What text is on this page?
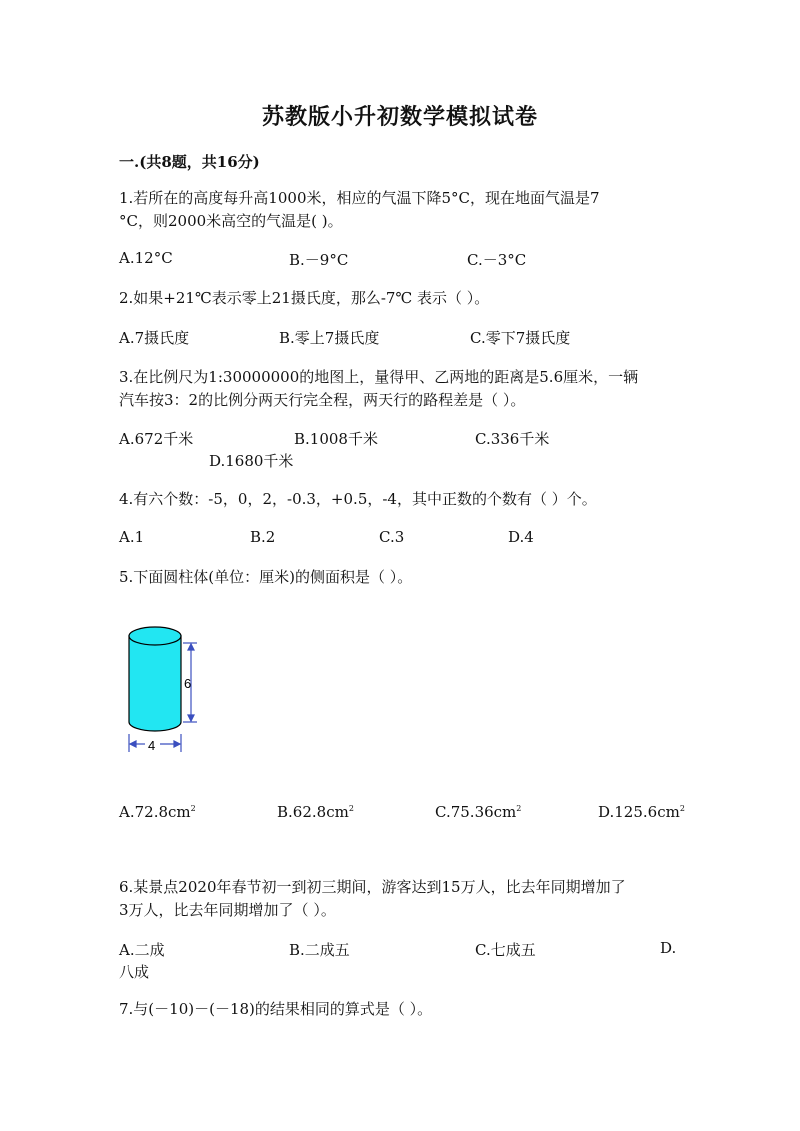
苏教版小升初数学模拟试卷
一.(共8题，共16分)
1.若所在的高度每升高1000米，相应的气温下降5°C，现在地面气温是7
°C，则2000米高空的气温是( )。
A.12°C	B.－9°C	C.－3°C
2.如果+21℃表示零上21摄氏度，那么-7℃ 表示（ ）。
A.7摄氏度	B.零上7摄氏度	C.零下7摄氏度
3.在比例尺为1:30000000的地图上，量得甲、乙两地的距离是5.6厘米，一辆
汽车按3：2的比例分两天行完全程，两天行的路程差是（ ）。
A.672千米	B.1008千米	C.336千米
D.1680千米
4.有六个数：-5，0，2，-0.3，+0.5，-4，其中正数的个数有（ ）个。
A.1	B.2	C.3	D.4
5.下面圆柱体(单位：厘米)的侧面积是（ ）。
6
4
$A.72.8cm^2$	$B.62.8cm^2$	$C.75.36cm^2$	$D.125.6cm^2$
6.某景点2020年春节初一到初三期间，游客达到15万人，比去年同期增加了
3万人，比去年同期增加了（ ）。
A.二成	B.二成五	C.七成五	D.
八成
7.与(－10)－(－18)的结果相同的算式是（ ）。
